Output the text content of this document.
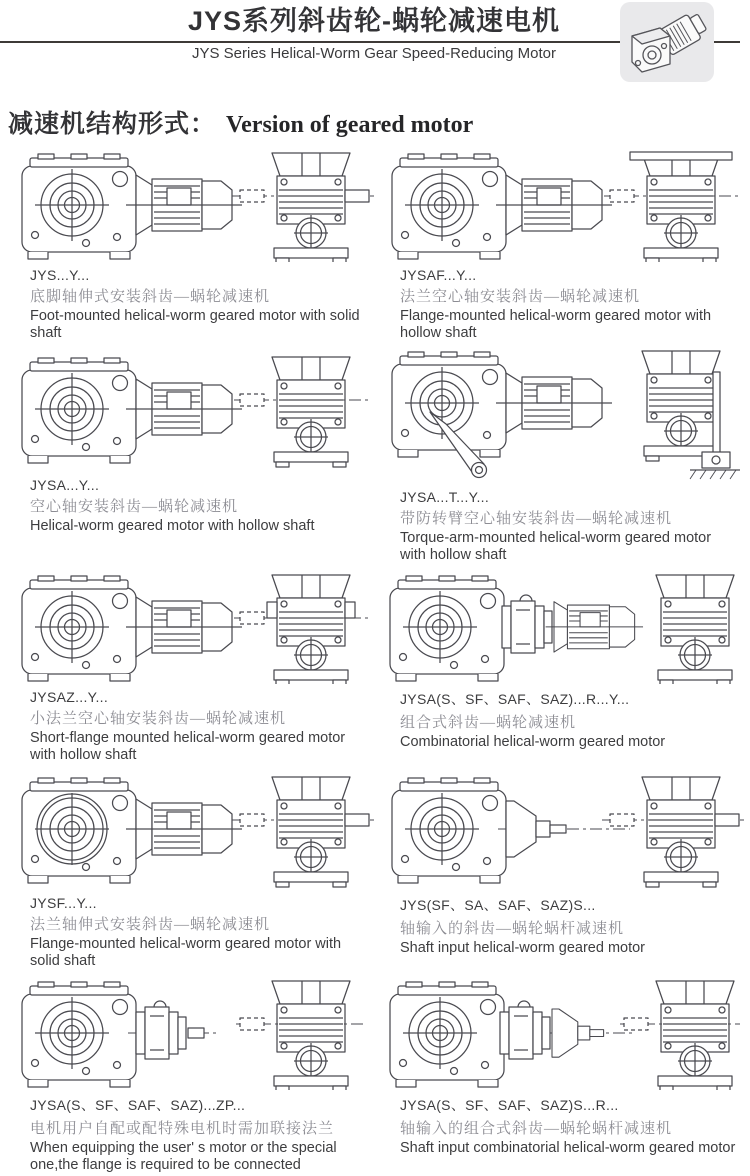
JYS系列斜齿轮-蜗轮减速电机
JYS Series Helical-Worm Gear Speed-Reducing Motor
减速机结构形式： Version of geared motor
JYS...Y...
底脚轴伸式安装斜齿—蜗轮减速机
Foot-mounted helical-worm geared motor with solid shaft
JYSAF...Y...
法兰空心轴安装斜齿—蜗轮减速机
Flange-mounted helical-worm geared motor with hollow shaft
JYSA...Y...
空心轴安装斜齿—蜗轮减速机
Helical-worm geared motor with hollow shaft
JYSA...T...Y...
带防转臂空心轴安装斜齿—蜗轮减速机
Torque-arm-mounted helical-worm geared motor with hollow shaft
JYSAZ...Y...
小法兰空心轴安装斜齿—蜗轮减速机
Short-flange mounted helical-worm geared motor with hollow shaft
JYSA(S、SF、SAF、SAZ)...R...Y...
组合式斜齿—蜗轮减速机
Combinatorial helical-worm geared motor
JYSF...Y...
法兰轴伸式安装斜齿—蜗轮减速机
Flange-mounted helical-worm geared motor with solid shaft
JYS(SF、SA、SAF、SAZ)S...
轴输入的斜齿—蜗轮蜗杆减速机
Shaft input helical-worm geared motor
JYSA(S、SF、SAF、SAZ)...ZP...
电机用户自配或配特殊电机时需加联接法兰
When equipping the user' s motor or the special one,the flange is required to be connected
JYSA(S、SF、SAF、SAZ)S...R...
轴输入的组合式斜齿—蜗轮蜗杆减速机
Shaft input combinatorial helical-worm geared motor
